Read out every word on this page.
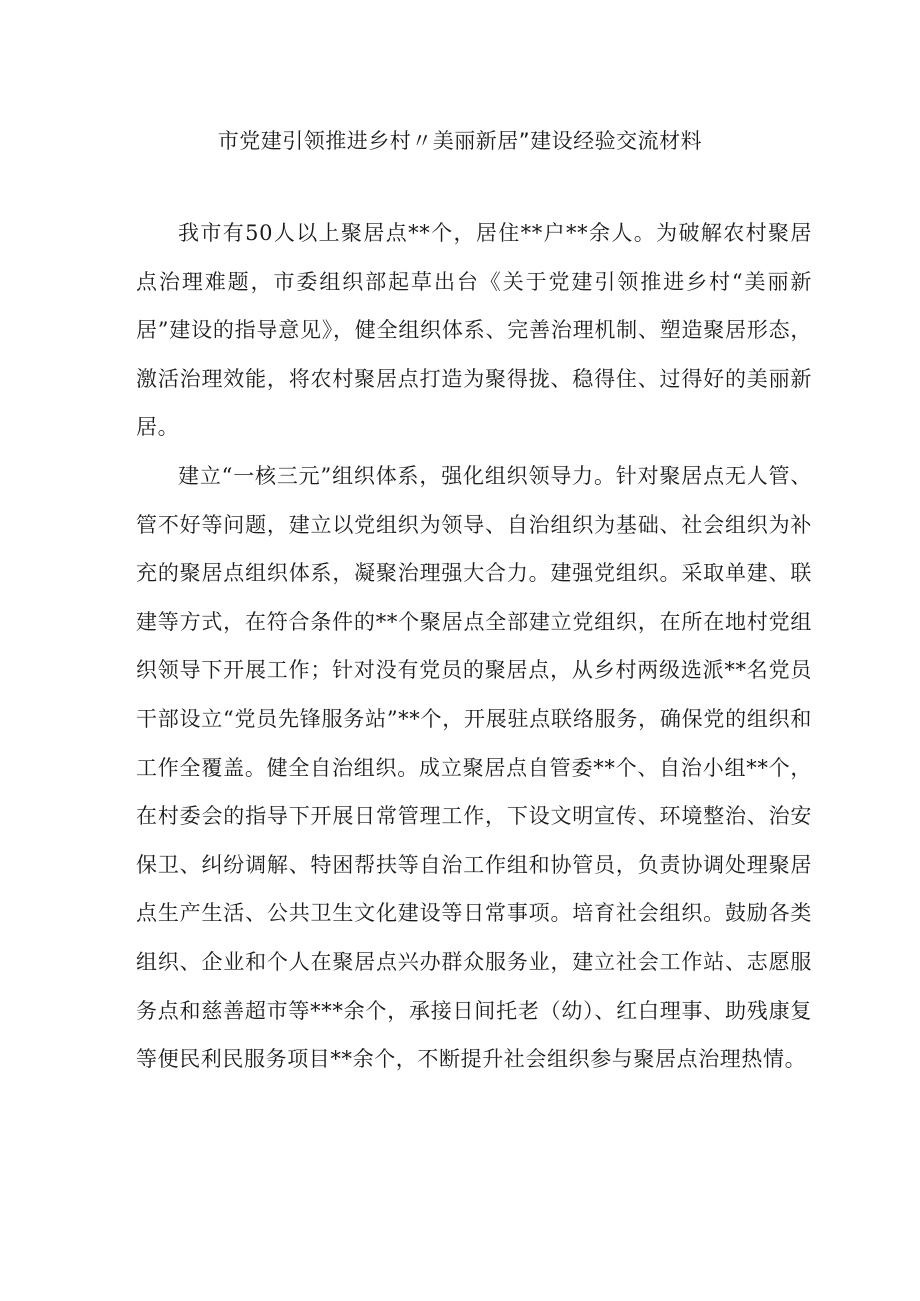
市党建引领推进乡村〃美丽新居”建设经验交流材料

我市有50人以上聚居点**个，居住**户**余人。为破解农村聚居点治理难题，市委组织部起草出台《关于党建引领推进乡村“美丽新居”建设的指导意见》，健全组织体系、完善治理机制、塑造聚居形态，激活治理效能，将农村聚居点打造为聚得拢、稳得住、过得好的美丽新居。

建立“一核三元”组织体系，强化组织领导力。针对聚居点无人管、管不好等问题，建立以党组织为领导、自治组织为基础、社会组织为补充的聚居点组织体系，凝聚治理强大合力。建强党组织。采取单建、联建等方式，在符合条件的**个聚居点全部建立党组织，在所在地村党组织领导下开展工作；针对没有党员的聚居点，从乡村两级选派**名党员干部设立“党员先锋服务站”**个，开展驻点联络服务，确保党的组织和工作全覆盖。健全自治组织。成立聚居点自管委**个、自治小组**个，在村委会的指导下开展日常管理工作，下设文明宣传、环境整治、治安保卫、纠纷调解、特困帮扶等自治工作组和协管员，负责协调处理聚居点生产生活、公共卫生文化建设等日常事项。培育社会组织。鼓励各类组织、企业和个人在聚居点兴办群众服务业，建立社会工作站、志愿服务点和慈善超市等***余个，承接日间托老（幼）、红白理事、助残康复等便民利民服务项目**余个，不断提升社会组织参与聚居点治理热情。
